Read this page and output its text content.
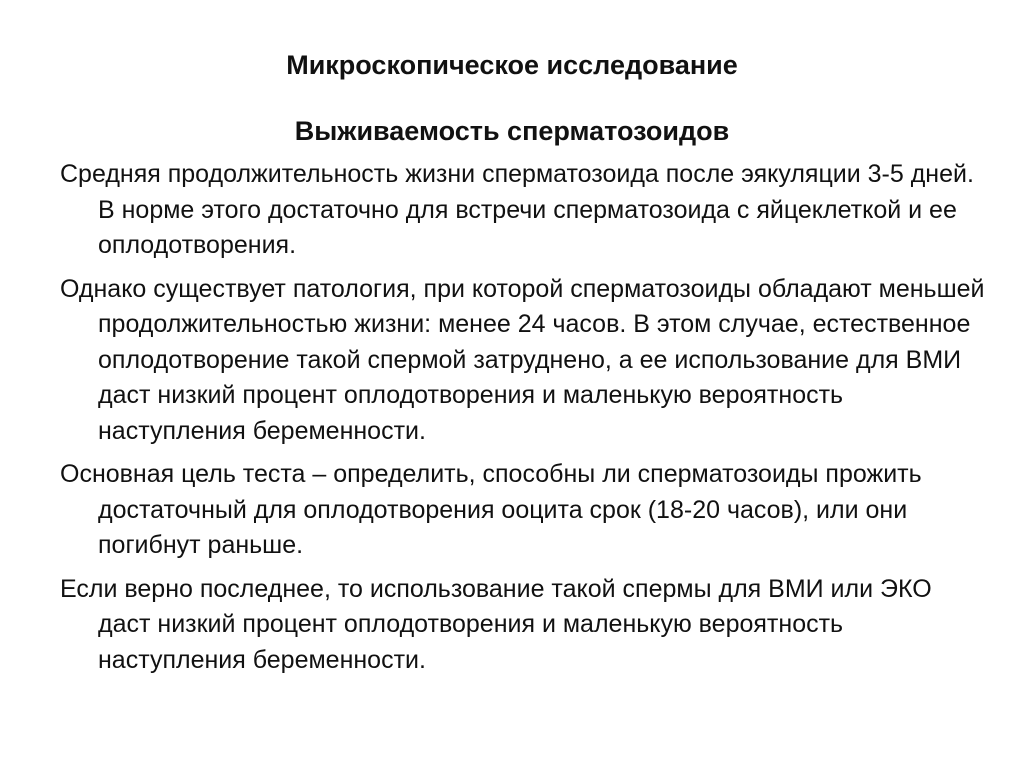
Микроскопическое исследование
Выживаемость сперматозоидов
Средняя продолжительность жизни сперматозоида после эякуляции 3-5 дней. В норме этого достаточно для встречи сперматозоида с яйцеклеткой и ее оплодотворения.
Однако существует патология, при которой сперматозоиды обладают меньшей продолжительностью жизни: менее 24 часов. В этом случае, естественное оплодотворение такой спермой затруднено, а ее использование для ВМИ даст низкий процент оплодотворения и маленькую вероятность наступления беременности.
Основная цель теста – определить, способны ли сперматозоиды прожить достаточный для оплодотворения ооцита срок (18-20 часов), или они погибнут раньше.
Если верно последнее, то использование такой спермы для ВМИ или ЭКО даст низкий процент оплодотворения и маленькую вероятность наступления беременности.
